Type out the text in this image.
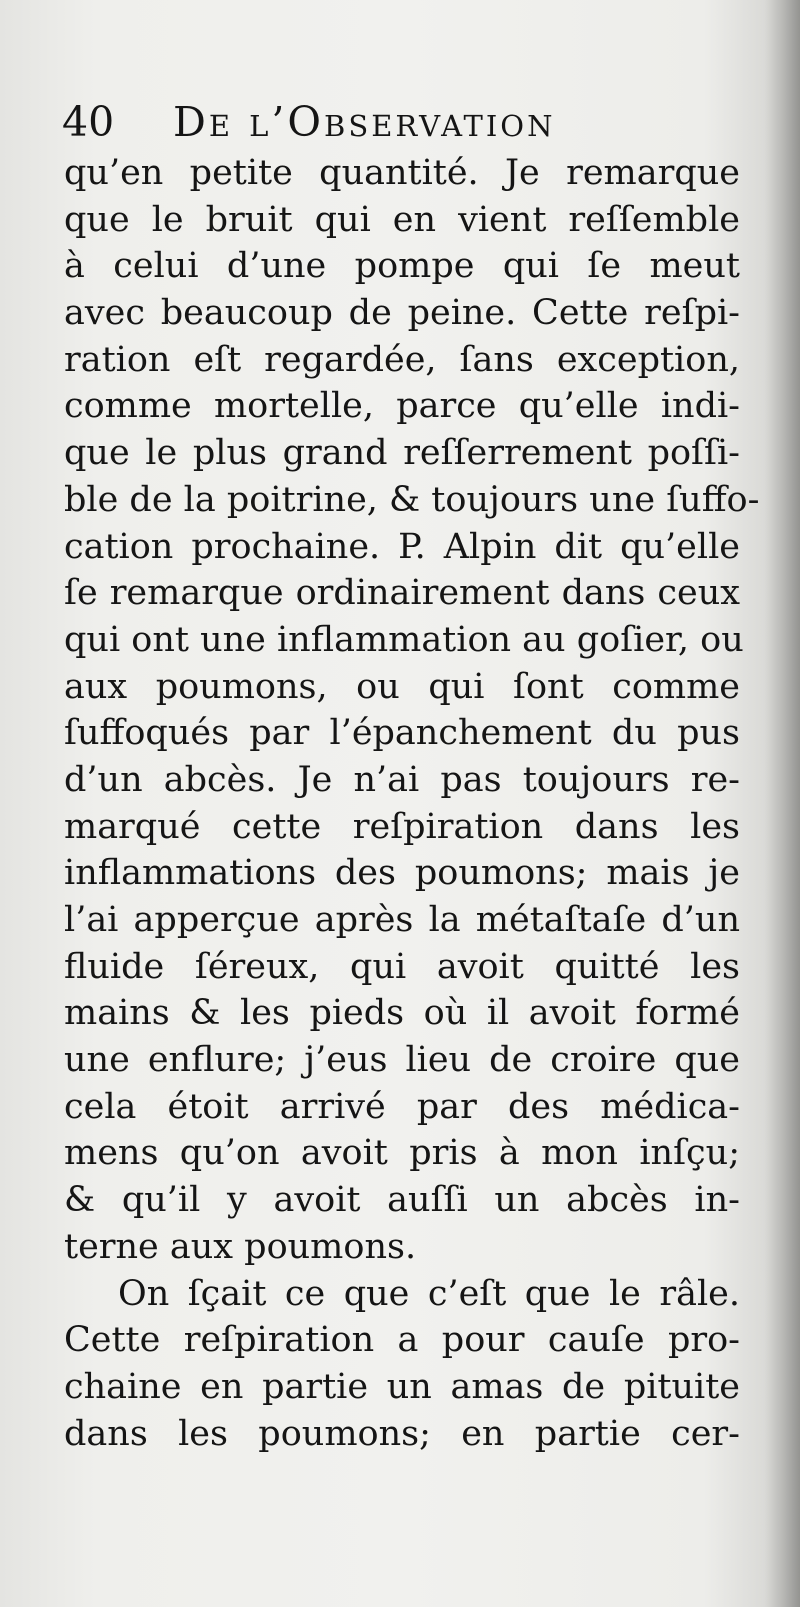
40 De l’Observation
qu’en petite quantité. Je remarque
que le bruit qui en vient reſſemble
à celui d’une pompe qui ſe meut
avec beaucoup de peine. Cette reſpi-
ration eſt regardée, ſans exception,
comme mortelle, parce qu’elle indi-
que le plus grand reſſerrement poſſi-
ble de la poitrine, & toujours une ſuffo-
cation prochaine. P. Alpin dit qu’elle
ſe remarque ordinairement dans ceux
qui ont une inflammation au goſier, ou
aux poumons, ou qui ſont comme
ſuffoqués par l’épanchement du pus
d’un abcès. Je n’ai pas toujours re-
marqué cette reſpiration dans les
inflammations des poumons; mais je
l’ai apperçue après la métaſtaſe d’un
fluide ſéreux, qui avoit quitté les
mains & les pieds où il avoit formé
une enflure; j’eus lieu de croire que
cela étoit arrivé par des médica-
mens qu’on avoit pris à mon inſçu;
& qu’il y avoit auſſi un abcès in-
terne aux poumons.
On ſçait ce que c’eſt que le râle.
Cette reſpiration a pour cauſe pro-
chaine en partie un amas de pituite
dans les poumons; en partie cer-
